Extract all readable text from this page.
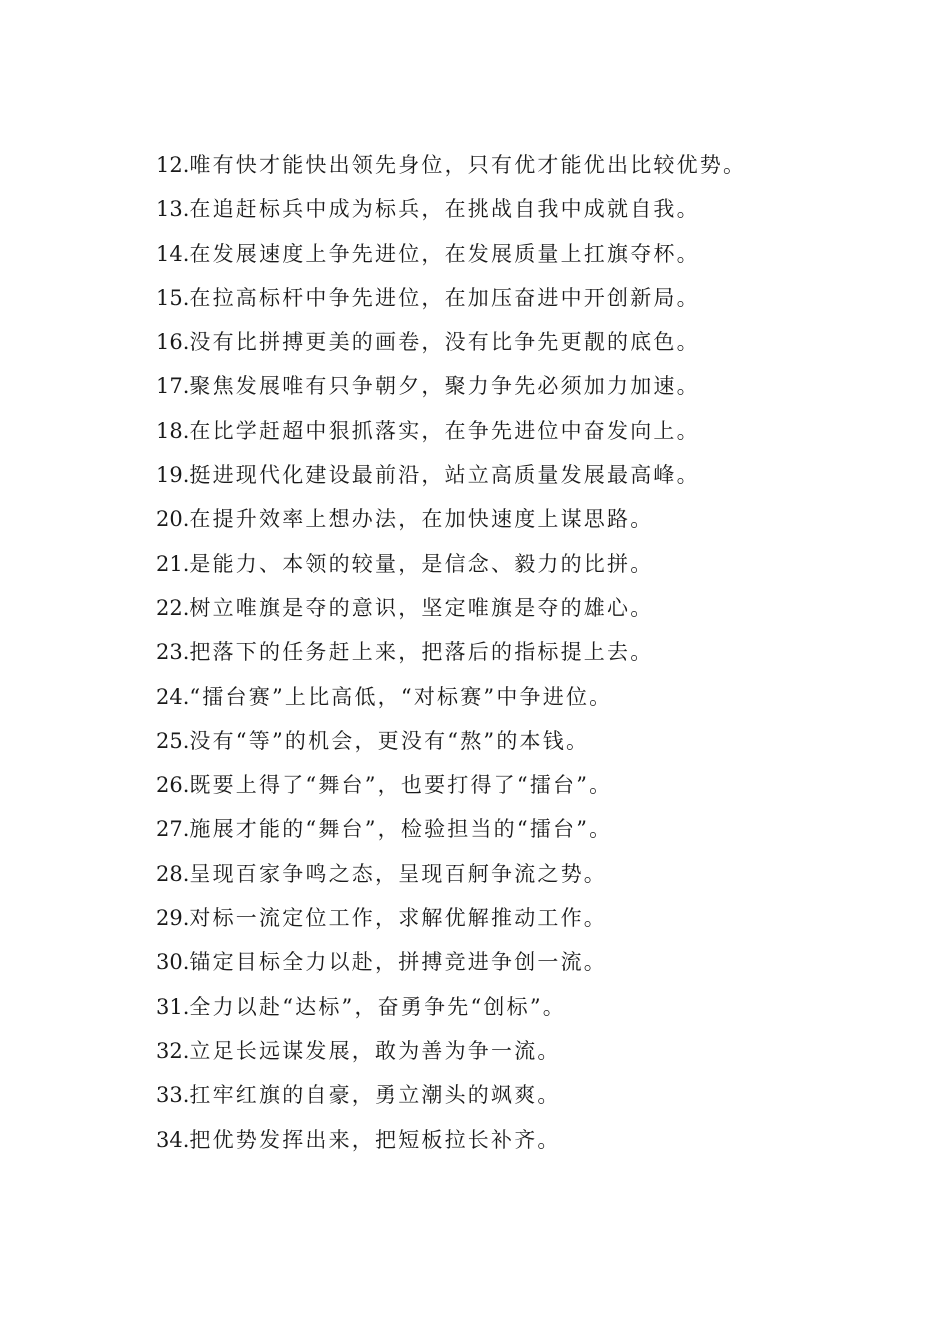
12.唯有快才能快出领先身位，只有优才能优出比较优势。
13.在追赶标兵中成为标兵，在挑战自我中成就自我。
14.在发展速度上争先进位，在发展质量上扛旗夺杯。
15.在拉高标杆中争先进位，在加压奋进中开创新局。
16.没有比拼搏更美的画卷，没有比争先更靓的底色。
17.聚焦发展唯有只争朝夕，聚力争先必须加力加速。
18.在比学赶超中狠抓落实，在争先进位中奋发向上。
19.挺进现代化建设最前沿，站立高质量发展最高峰。
20.在提升效率上想办法，在加快速度上谋思路。
21.是能力、本领的较量，是信念、毅力的比拼。
22.树立唯旗是夺的意识，坚定唯旗是夺的雄心。
23.把落下的任务赶上来，把落后的指标提上去。
24.“擂台赛”上比高低，“对标赛”中争进位。
25.没有“等”的机会，更没有“熬”的本钱。
26.既要上得了“舞台”，也要打得了“擂台”。
27.施展才能的“舞台”，检验担当的“擂台”。
28.呈现百家争鸣之态，呈现百舸争流之势。
29.对标一流定位工作，求解优解推动工作。
30.锚定目标全力以赴，拼搏竞进争创一流。
31.全力以赴“达标”，奋勇争先“创标”。
32.立足长远谋发展，敢为善为争一流。
33.扛牢红旗的自豪，勇立潮头的飒爽。
34.把优势发挥出来，把短板拉长补齐。
